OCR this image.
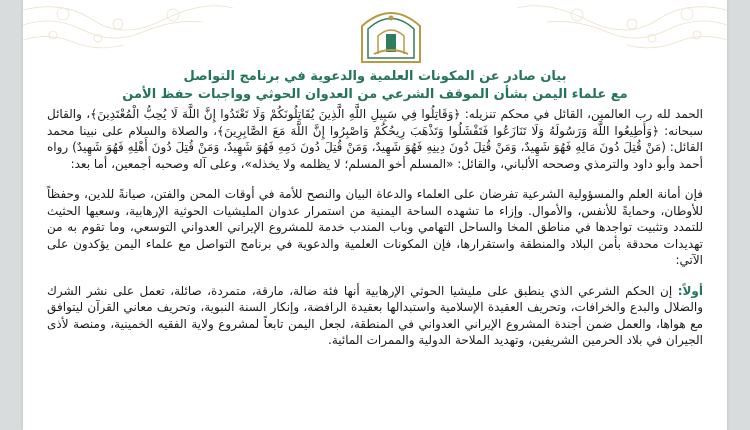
بيان صادر عن المكونات العلمية والدعوية في برنامج التواصل
مع علماء اليمن بشأن الموقف الشرعي من العدوان الحوثي وواجبات حفظ الأمن

الحمد لله رب العالمين، القائل في محكم تنزيله: ﴿وَقَاتِلُوا فِي سَبِيلِ اللَّهِ الَّذِينَ يُقَاتِلُونَكُمْ وَلَا تَعْتَدُوا إِنَّ اللَّهَ لَا يُحِبُّ الْمُعْتَدِينَ﴾، والقائل سبحانه: ﴿وَأَطِيعُوا اللَّهَ وَرَسُولَهُ وَلَا تَنَازَعُوا فَتَفْشَلُوا وَتَذْهَبَ رِيحُكُمْ وَاصْبِرُوا إِنَّ اللَّهَ مَعَ الصَّابِرِينَ﴾، والصلاة والسلام على نبينا محمد القائل: (مَنْ قُتِلَ دُونَ مَالِهِ فَهُوَ شَهِيدٌ، وَمَنْ قُتِلَ دُونَ دِينِهِ فَهُوَ شَهِيدٌ، وَمَنْ قُتِلَ دُونَ دَمِهِ فَهُوَ شَهِيدٌ، وَمَنْ قُتِلَ دُونَ أَهْلِهِ فَهُوَ شَهِيدٌ) رواه أحمد وأبو داود والترمذي وصححه الألباني، والقائل: «المسلم أخو المسلم؛ لا يظلمه ولا يخذله»، وعلى آله وصحبه أجمعين، أما بعد:

فإن أمانة العلم والمسؤولية الشرعية تفرضان على العلماء والدعاة البيان والنصح للأمة في أوقات المحن والفتن، صيانةً للدين، وحفظاً للأوطان، وحمايةً للأنفس، والأموال. وإزاء ما تشهده الساحة اليمنية من استمرار عدوان المليشيات الحوثية الإرهابية، وسعيها الحثيث للتمدد وتثبيت تواجدها في مناطق المخا والساحل التهامي وباب المندب خدمة للمشروع الإيراني العدواني التوسعي، وما تقوم به من تهديدات محدقة بأمن البلاد والمنطقة واستقرارها، فإن المكونات العلمية والدعوية في برنامج التواصل مع علماء اليمن يؤكدون على الآتي:

أولاً: إن الحكم الشرعي الذي ينطبق على مليشيا الحوثي الإرهابية أنها فئة ضالة، مارقة، متمردة، صائلة، تعمل على نشر الشرك والضلال والبدع والخرافات، وتحريف العقيدة الإسلامية واستبدالها بعقيدة الرافضة، وإنكار السنة النبوية، وتحريف معاني القرآن ليتوافق مع هواها، والعمل ضمن أجندة المشروع الإيراني العدواني في المنطقة، لجعل اليمن تابعاً لمشروع ولاية الفقيه الخمينية، ومنصة لأذى الجيران في بلاد الحرمين الشريفين، وتهديد الملاحة الدولية والممرات المائية.
